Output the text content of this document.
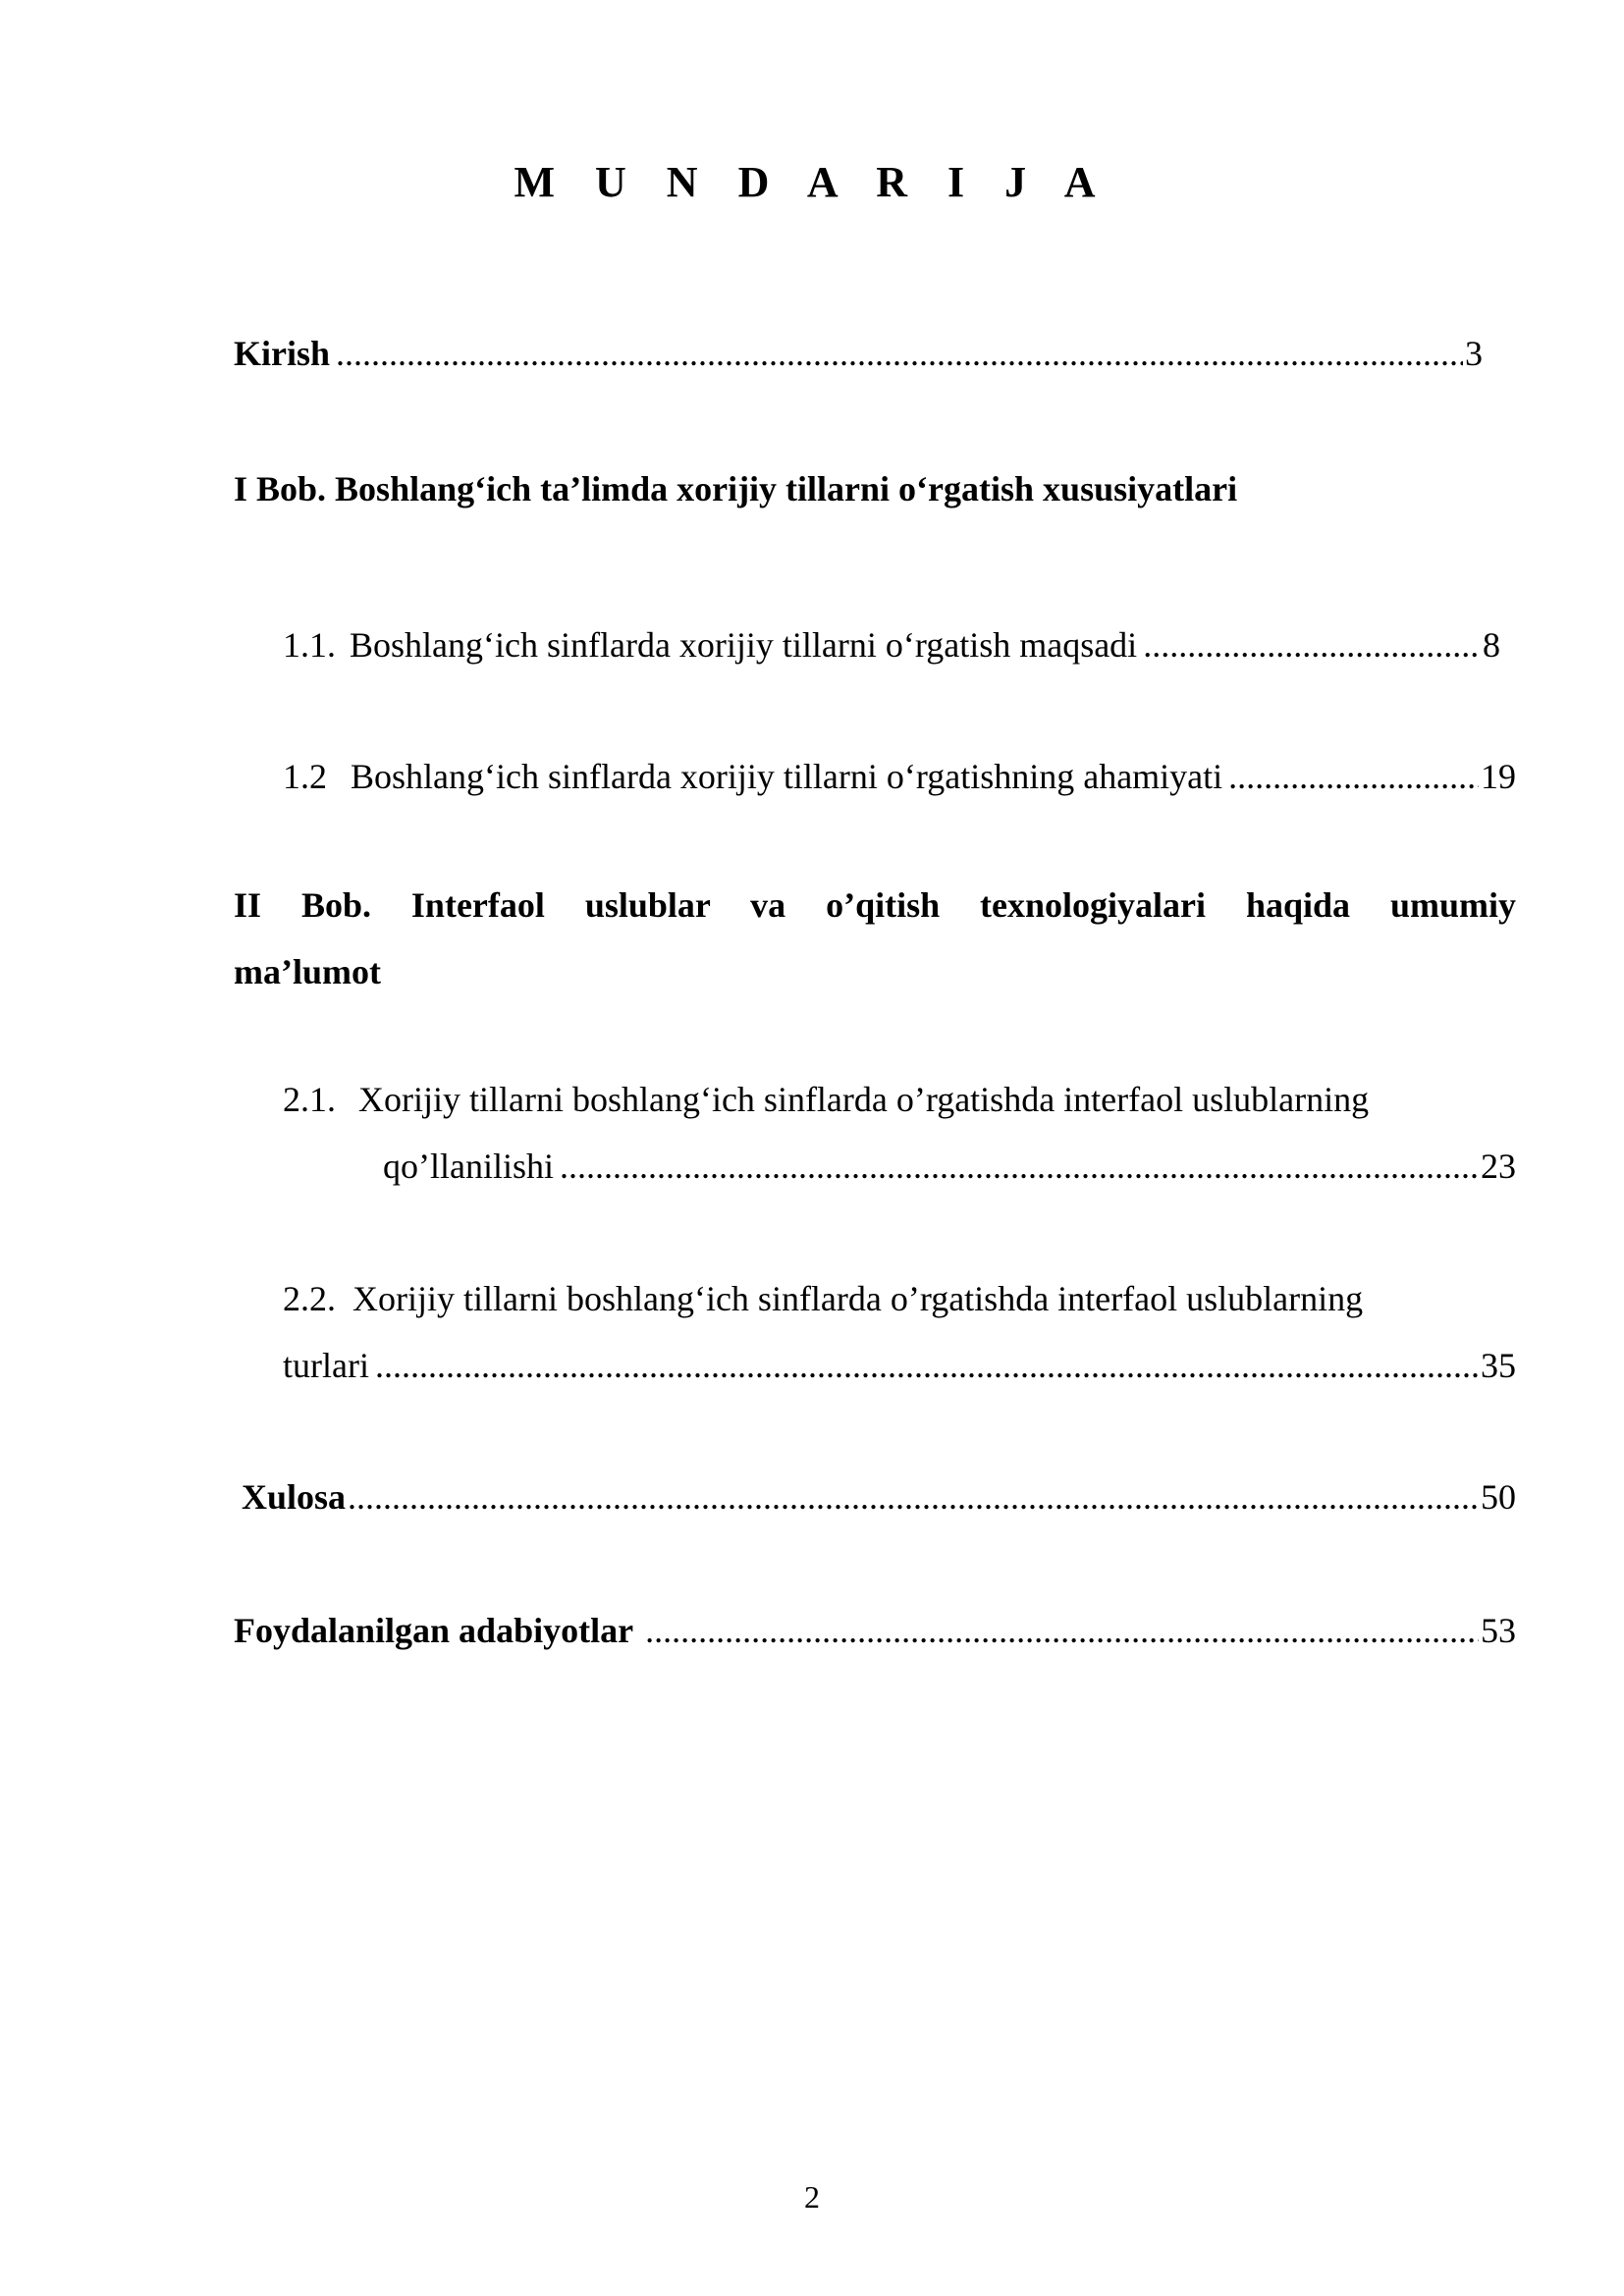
M U N D A R I J A
Kirish .....	3
I Bob. Boshlang‘ich ta’limda xorijiy tillarni o‘rgatish xususiyatlari
1.1. Boshlang‘ich sinflarda xorijiy tillarni o‘rgatish maqsadi .....	8
1.2 Boshlang‘ich sinflarda xorijiy tillarni o‘rgatishning ahamiyati .....	19
II Bob. Interfaol uslublar va o’qitish texnologiyalari haqida umumiy
ma’lumot
2.1. Xorijiy tillarni boshlang‘ich sinflarda o’rgatishda interfaol uslublarning
qo’llanilishi .....	23
2.2. Xorijiy tillarni boshlang‘ich sinflarda o’rgatishda interfaol uslublarning
turlari .....	35
Xulosa .....	50
Foydalanilgan adabiyotlar .....	53
2
